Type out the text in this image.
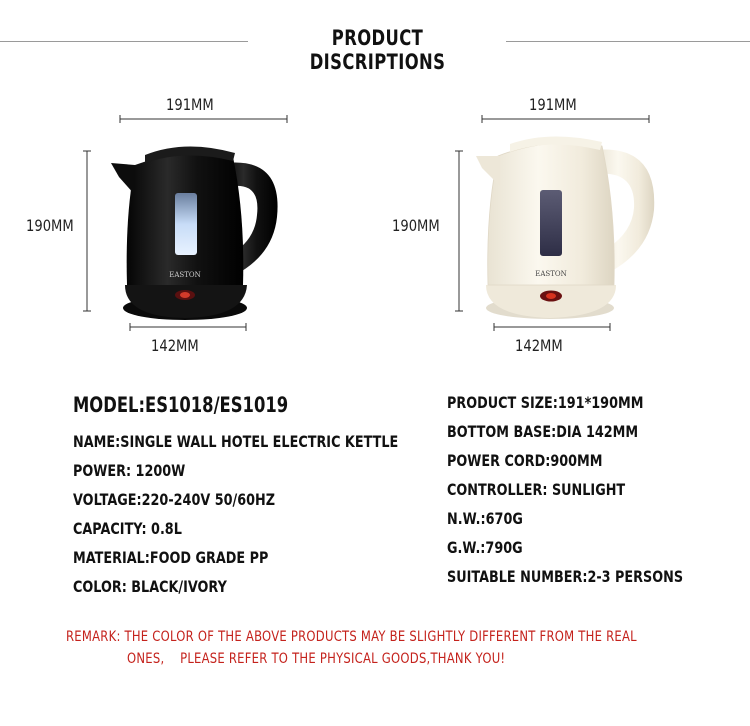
PRODUCT DISCRIPTIONS
191MM
190MM
142MM
191MM
190MM
142MM
EASTON	EASTON
MODEL:ES1018/ES1019
NAME:SINGLE WALL HOTEL ELECTRIC KETTLE
POWER: 1200W
VOLTAGE:220-240V 50/60HZ
CAPACITY: 0.8L
MATERIAL:FOOD GRADE PP
COLOR: BLACK/IVORY
PRODUCT SIZE:191*190MM
BOTTOM BASE:DIA 142MM
POWER CORD:900MM
CONTROLLER: SUNLIGHT
N.W.:670G
G.W.:790G
SUITABLE NUMBER:2-3 PERSONS
REMARK: THE COLOR OF THE ABOVE PRODUCTS MAY BE SLIGHTLY DIFFERENT FROM THE REAL
ONES,    PLEASE REFER TO THE PHYSICAL GOODS,THANK YOU!
